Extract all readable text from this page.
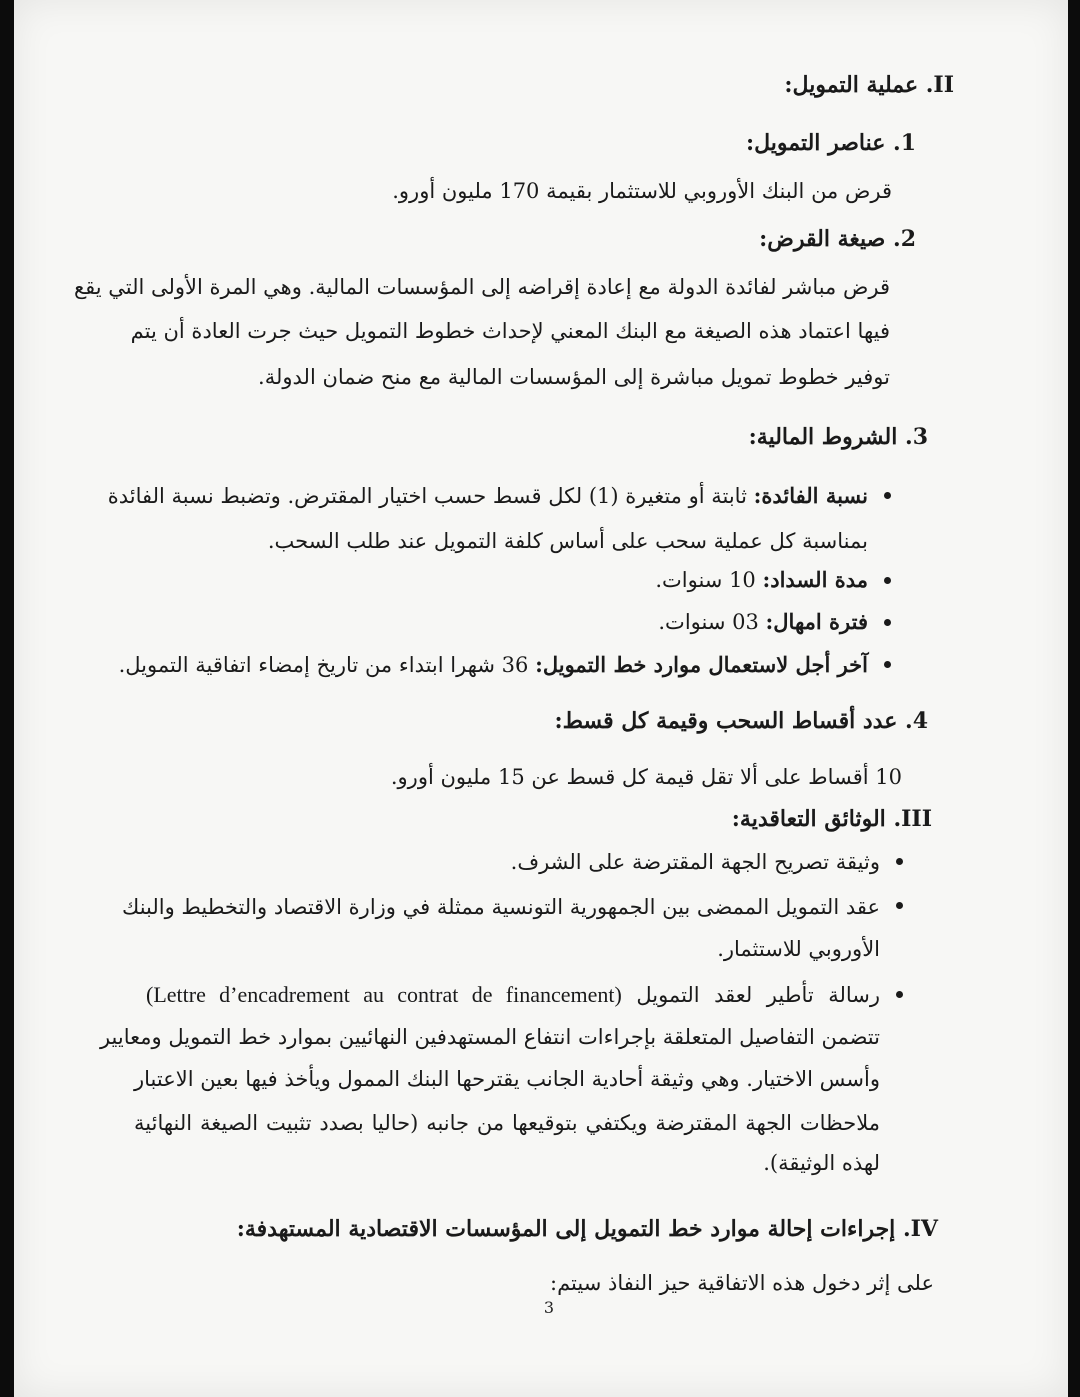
II. عملية التمويل:
1. عناصر التمويل:
قرض من البنك الأوروبي للاستثمار بقيمة 170 مليون أورو.
2. صيغة القرض:
قرض مباشر لفائدة الدولة مع إعادة إقراضه إلى المؤسسات المالية. وهي المرة الأولى التي يقع
فيها اعتماد هذه الصيغة مع البنك المعني لإحداث خطوط التمويل حيث جرت العادة أن يتم
توفير خطوط تمويل مباشرة إلى المؤسسات المالية مع منح ضمان الدولة.
3. الشروط المالية:
نسبة الفائدة: ثابتة أو متغيرة (1) لكل قسط حسب اختيار المقترض. وتضبط نسبة الفائدة
بمناسبة كل عملية سحب على أساس كلفة التمويل عند طلب السحب.
مدة السداد: 10 سنوات.
فترة امهال: 03 سنوات.
آخر أجل لاستعمال موارد خط التمويل: 36 شهرا ابتداء من تاريخ إمضاء اتفاقية التمويل.
4. عدد أقساط السحب وقيمة كل قسط:
10 أقساط على ألا تقل قيمة كل قسط عن 15 مليون أورو.
III. الوثائق التعاقدية:
وثيقة تصريح الجهة المقترضة على الشرف.
عقد التمويل الممضى بين الجمهورية التونسية ممثلة في وزارة الاقتصاد والتخطيط والبنك
الأوروبي للاستثمار.
رسالة تأطير لعقد التمويل (Lettre d’encadrement au contrat de financement)
تتضمن التفاصيل المتعلقة بإجراءات انتفاع المستهدفين النهائيين بموارد خط التمويل ومعايير
وأسس الاختيار. وهي وثيقة أحادية الجانب يقترحها البنك الممول ويأخذ فيها بعين الاعتبار
ملاحظات الجهة المقترضة ويكتفي بتوقيعها من جانبه (حاليا بصدد تثبيت الصيغة النهائية
لهذه الوثيقة).
IV. إجراءات إحالة موارد خط التمويل إلى المؤسسات الاقتصادية المستهدفة:
على إثر دخول هذه الاتفاقية حيز النفاذ سيتم:
3
